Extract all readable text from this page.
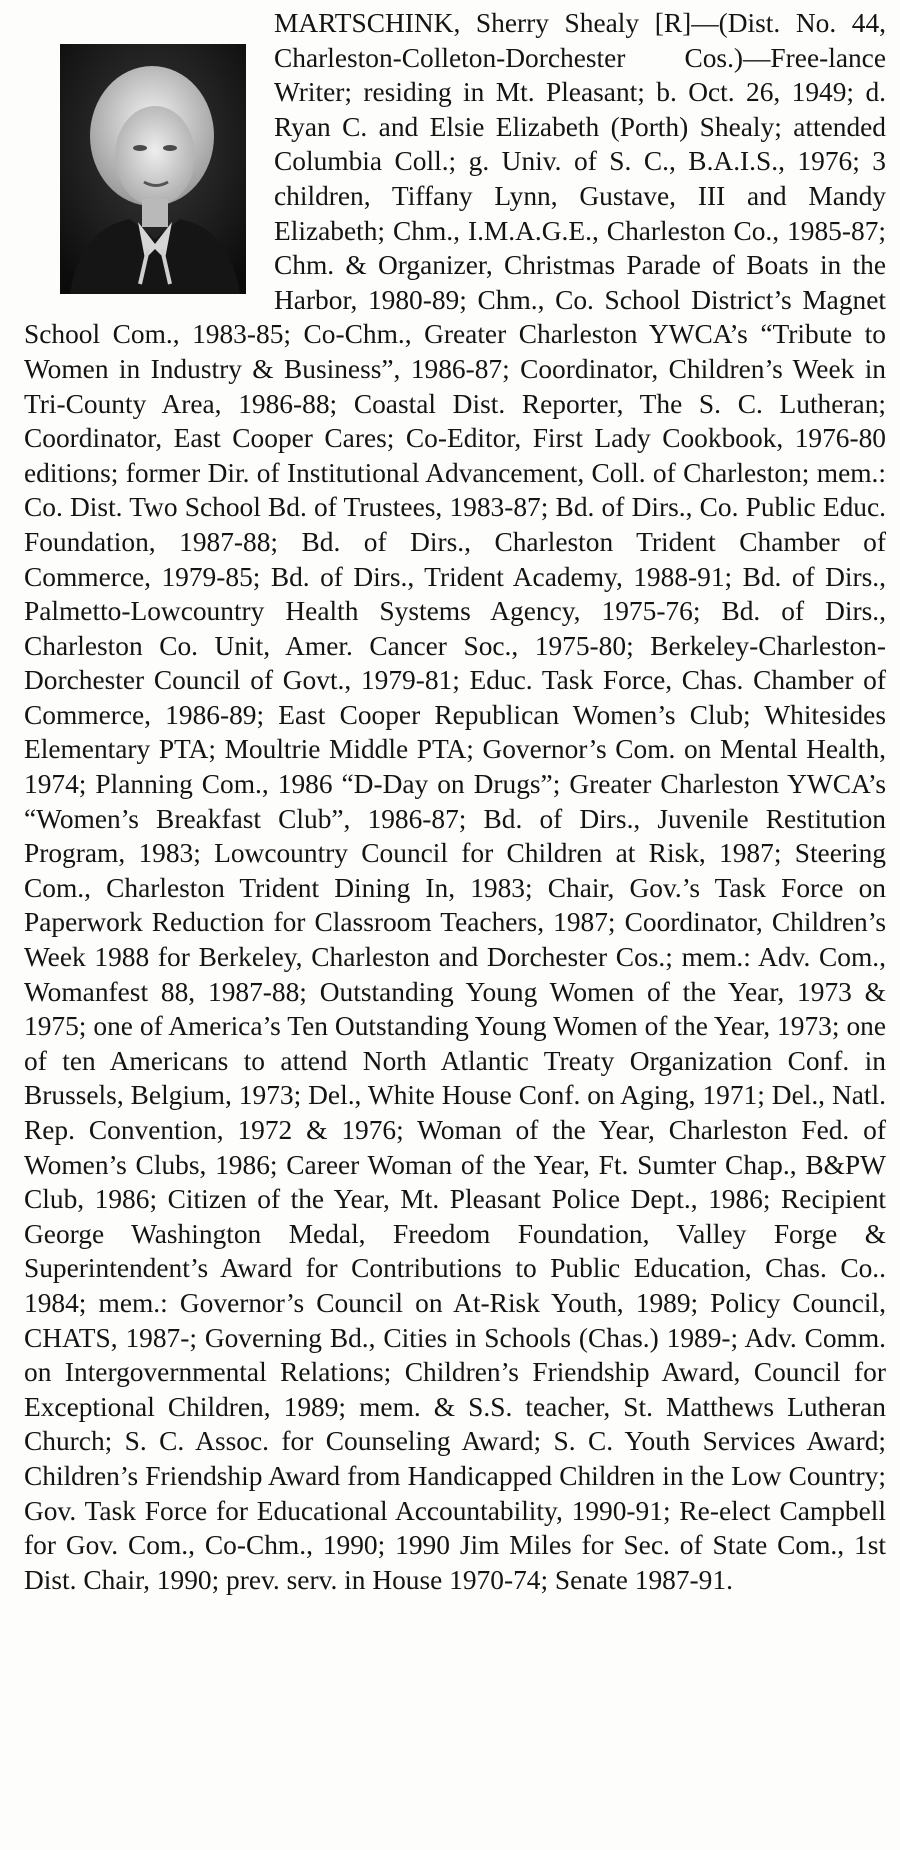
MARTSCHINK, Sherry Shealy [R]—(Dist. No. 44, Charleston-Colleton-Dorchester Cos.)—Free-lance Writer; residing in Mt. Pleasant; b. Oct. 26, 1949; d. Ryan C. and Elsie Elizabeth (Porth) Shealy; attended Columbia Coll.; g. Univ. of S. C., B.A.I.S., 1976; 3 children, Tiffany Lynn, Gustave, III and Mandy Elizabeth; Chm., I.M.A.G.E., Charleston Co., 1985-87; Chm. & Organizer, Christmas Parade of Boats in the Harbor, 1980-89; Chm., Co. School District’s Magnet School Com., 1983-85; Co-Chm., Greater Charleston YWCA’s “Tribute to Women in Industry & Business”, 1986-87; Coordinator, Children’s Week in Tri-County Area, 1986-88; Coastal Dist. Reporter, The S. C. Lutheran; Coordinator, East Cooper Cares; Co-Editor, First Lady Cookbook, 1976-80 editions; former Dir. of Institutional Advancement, Coll. of Charleston; mem.: Co. Dist. Two School Bd. of Trustees, 1983-87; Bd. of Dirs., Co. Public Educ. Foundation, 1987-88; Bd. of Dirs., Charleston Trident Chamber of Commerce, 1979-85; Bd. of Dirs., Trident Academy, 1988-91; Bd. of Dirs., Palmetto-Lowcountry Health Systems Agency, 1975-76; Bd. of Dirs., Charleston Co. Unit, Amer. Cancer Soc., 1975-80; Berkeley-Charleston-Dorchester Council of Govt., 1979-81; Educ. Task Force, Chas. Chamber of Commerce, 1986-89; East Cooper Republican Women’s Club; Whitesides Elementary PTA; Moultrie Middle PTA; Governor’s Com. on Mental Health, 1974; Planning Com., 1986 “D-Day on Drugs”; Greater Charleston YWCA’s “Women’s Breakfast Club”, 1986-87; Bd. of Dirs., Juvenile Restitution Program, 1983; Lowcountry Council for Children at Risk, 1987; Steering Com., Charleston Trident Dining In, 1983; Chair, Gov.’s Task Force on Paperwork Reduction for Classroom Teachers, 1987; Coordinator, Children’s Week 1988 for Berkeley, Charleston and Dorchester Cos.; mem.: Adv. Com., Womanfest 88, 1987-88; Outstanding Young Women of the Year, 1973 & 1975; one of America’s Ten Outstanding Young Women of the Year, 1973; one of ten Americans to attend North Atlantic Treaty Organization Conf. in Brussels, Belgium, 1973; Del., White House Conf. on Aging, 1971; Del., Natl. Rep. Convention, 1972 & 1976; Woman of the Year, Charleston Fed. of Women’s Clubs, 1986; Career Woman of the Year, Ft. Sumter Chap., B&PW Club, 1986; Citizen of the Year, Mt. Pleasant Police Dept., 1986; Recipient George Washington Medal, Freedom Foundation, Valley Forge & Superintendent’s Award for Contributions to Public Education, Chas. Co.. 1984; mem.: Governor’s Council on At-Risk Youth, 1989; Policy Council, CHATS, 1987-; Governing Bd., Cities in Schools (Chas.) 1989-; Adv. Comm. on Intergovernmental Relations; Children’s Friendship Award, Council for Exceptional Children, 1989; mem. & S.S. teacher, St. Matthews Lutheran Church; S. C. Assoc. for Counseling Award; S. C. Youth Services Award; Children’s Friendship Award from Handicapped Children in the Low Country; Gov. Task Force for Educational Accountability, 1990-91; Re-elect Campbell for Gov. Com., Co-Chm., 1990; 1990 Jim Miles for Sec. of State Com., 1st Dist. Chair, 1990; prev. serv. in House 1970-74; Senate 1987-91.
